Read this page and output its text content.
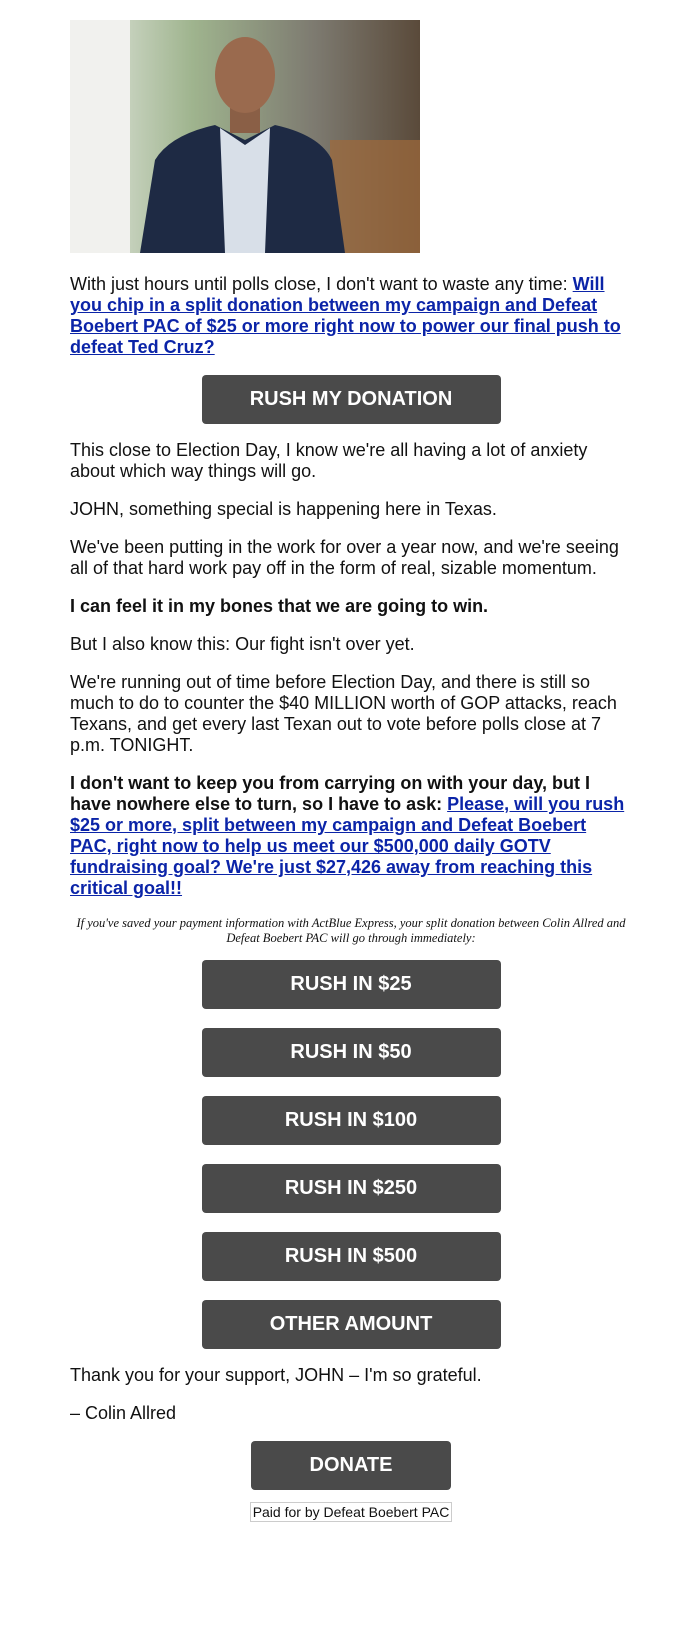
With just hours until polls close, I don't want to waste any time: Will you chip in a split donation between my campaign and Defeat Boebert PAC of $25 or more right now to power our final push to defeat Ted Cruz?

RUSH MY DONATION

This close to Election Day, I know we're all having a lot of anxiety about which way things will go.

JOHN, something special is happening here in Texas.

We've been putting in the work for over a year now, and we're seeing all of that hard work pay off in the form of real, sizable momentum.

I can feel it in my bones that we are going to win.

But I also know this: Our fight isn't over yet.

We're running out of time before Election Day, and there is still so much to do to counter the $40 MILLION worth of GOP attacks, reach Texans, and get every last Texan out to vote before polls close at 7 p.m. TONIGHT.

I don't want to keep you from carrying on with your day, but I have nowhere else to turn, so I have to ask: Please, will you rush $25 or more, split between my campaign and Defeat Boebert PAC, right now to help us meet our $500,000 daily GOTV fundraising goal? We're just $27,426 away from reaching this critical goal!!

If you've saved your payment information with ActBlue Express, your split donation between Colin Allred and Defeat Boebert PAC will go through immediately:
RUSH IN $25
RUSH IN $50
RUSH IN $100
RUSH IN $250
RUSH IN $500
OTHER AMOUNT

Thank you for your support, JOHN – I'm so grateful.

– Colin Allred

DONATE
Paid for by Defeat Boebert PAC
